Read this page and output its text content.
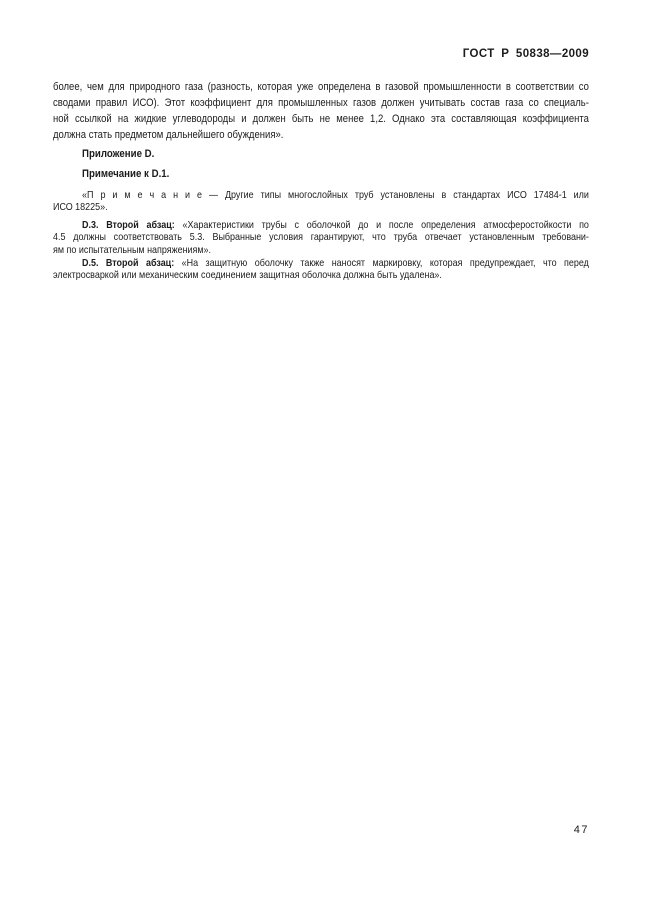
ГОСТ Р 50838—2009
более, чем для природного газа (разность, которая уже определена в газовой промышленности в соответствии со
сводами правил ИСО). Этот коэффициент для промышленных газов должен учитывать состав газа со специаль-
ной ссылкой на жидкие углеводороды и должен быть не менее 1,2. Однако эта составляющая коэффициента
должна стать предметом дальнейшего обуждения».
Приложение D.
Примечание к D.1.
«П р и м е ч а н и е — Другие типы многослойных труб установлены в стандартах ИСО 17484-1 или
ИСО 18225».
D.3. Второй абзац: «Характеристики трубы с оболочкой до и после определения атмосферостойкости по
4.5 должны соответствовать 5.3. Выбранные условия гарантируют, что труба отвечает установленным требовани-
ям по испытательным напряжениям».
D.5. Второй абзац: «На защитную оболочку также наносят маркировку, которая предупреждает, что перед
электросваркой или механическим соединением защитная оболочка должна быть удалена».
47
